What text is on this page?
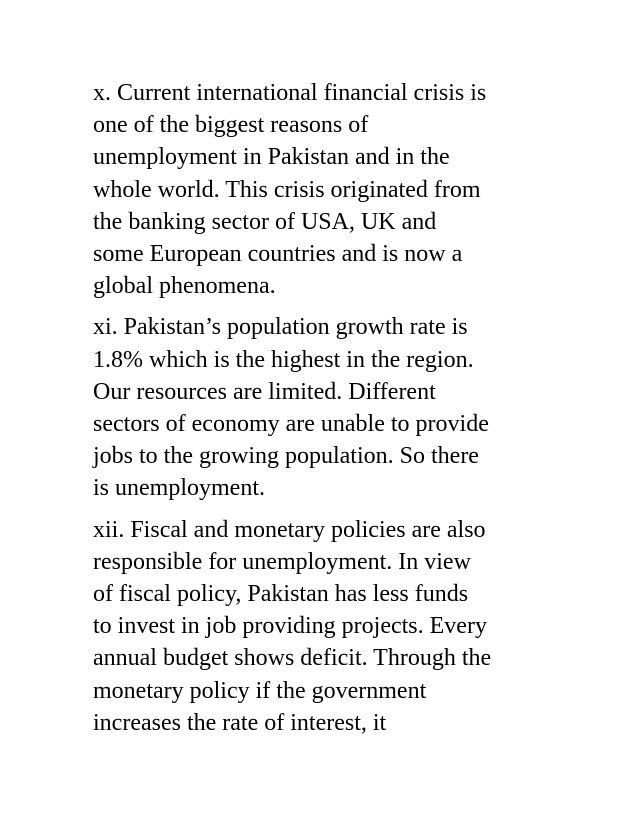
x. Current international financial crisis is
one of the biggest reasons of
unemployment in Pakistan and in the
whole world. This crisis originated from
the banking sector of USA, UK and
some European countries and is now a
global phenomena.

xi. Pakistan’s population growth rate is
1.8% which is the highest in the region.
Our resources are limited. Different
sectors of economy are unable to provide
jobs to the growing population. So there
is unemployment.

xii. Fiscal and monetary policies are also
responsible for unemployment. In view
of fiscal policy, Pakistan has less funds
to invest in job providing projects. Every
annual budget shows deficit. Through the
monetary policy if the government
increases the rate of interest, it
